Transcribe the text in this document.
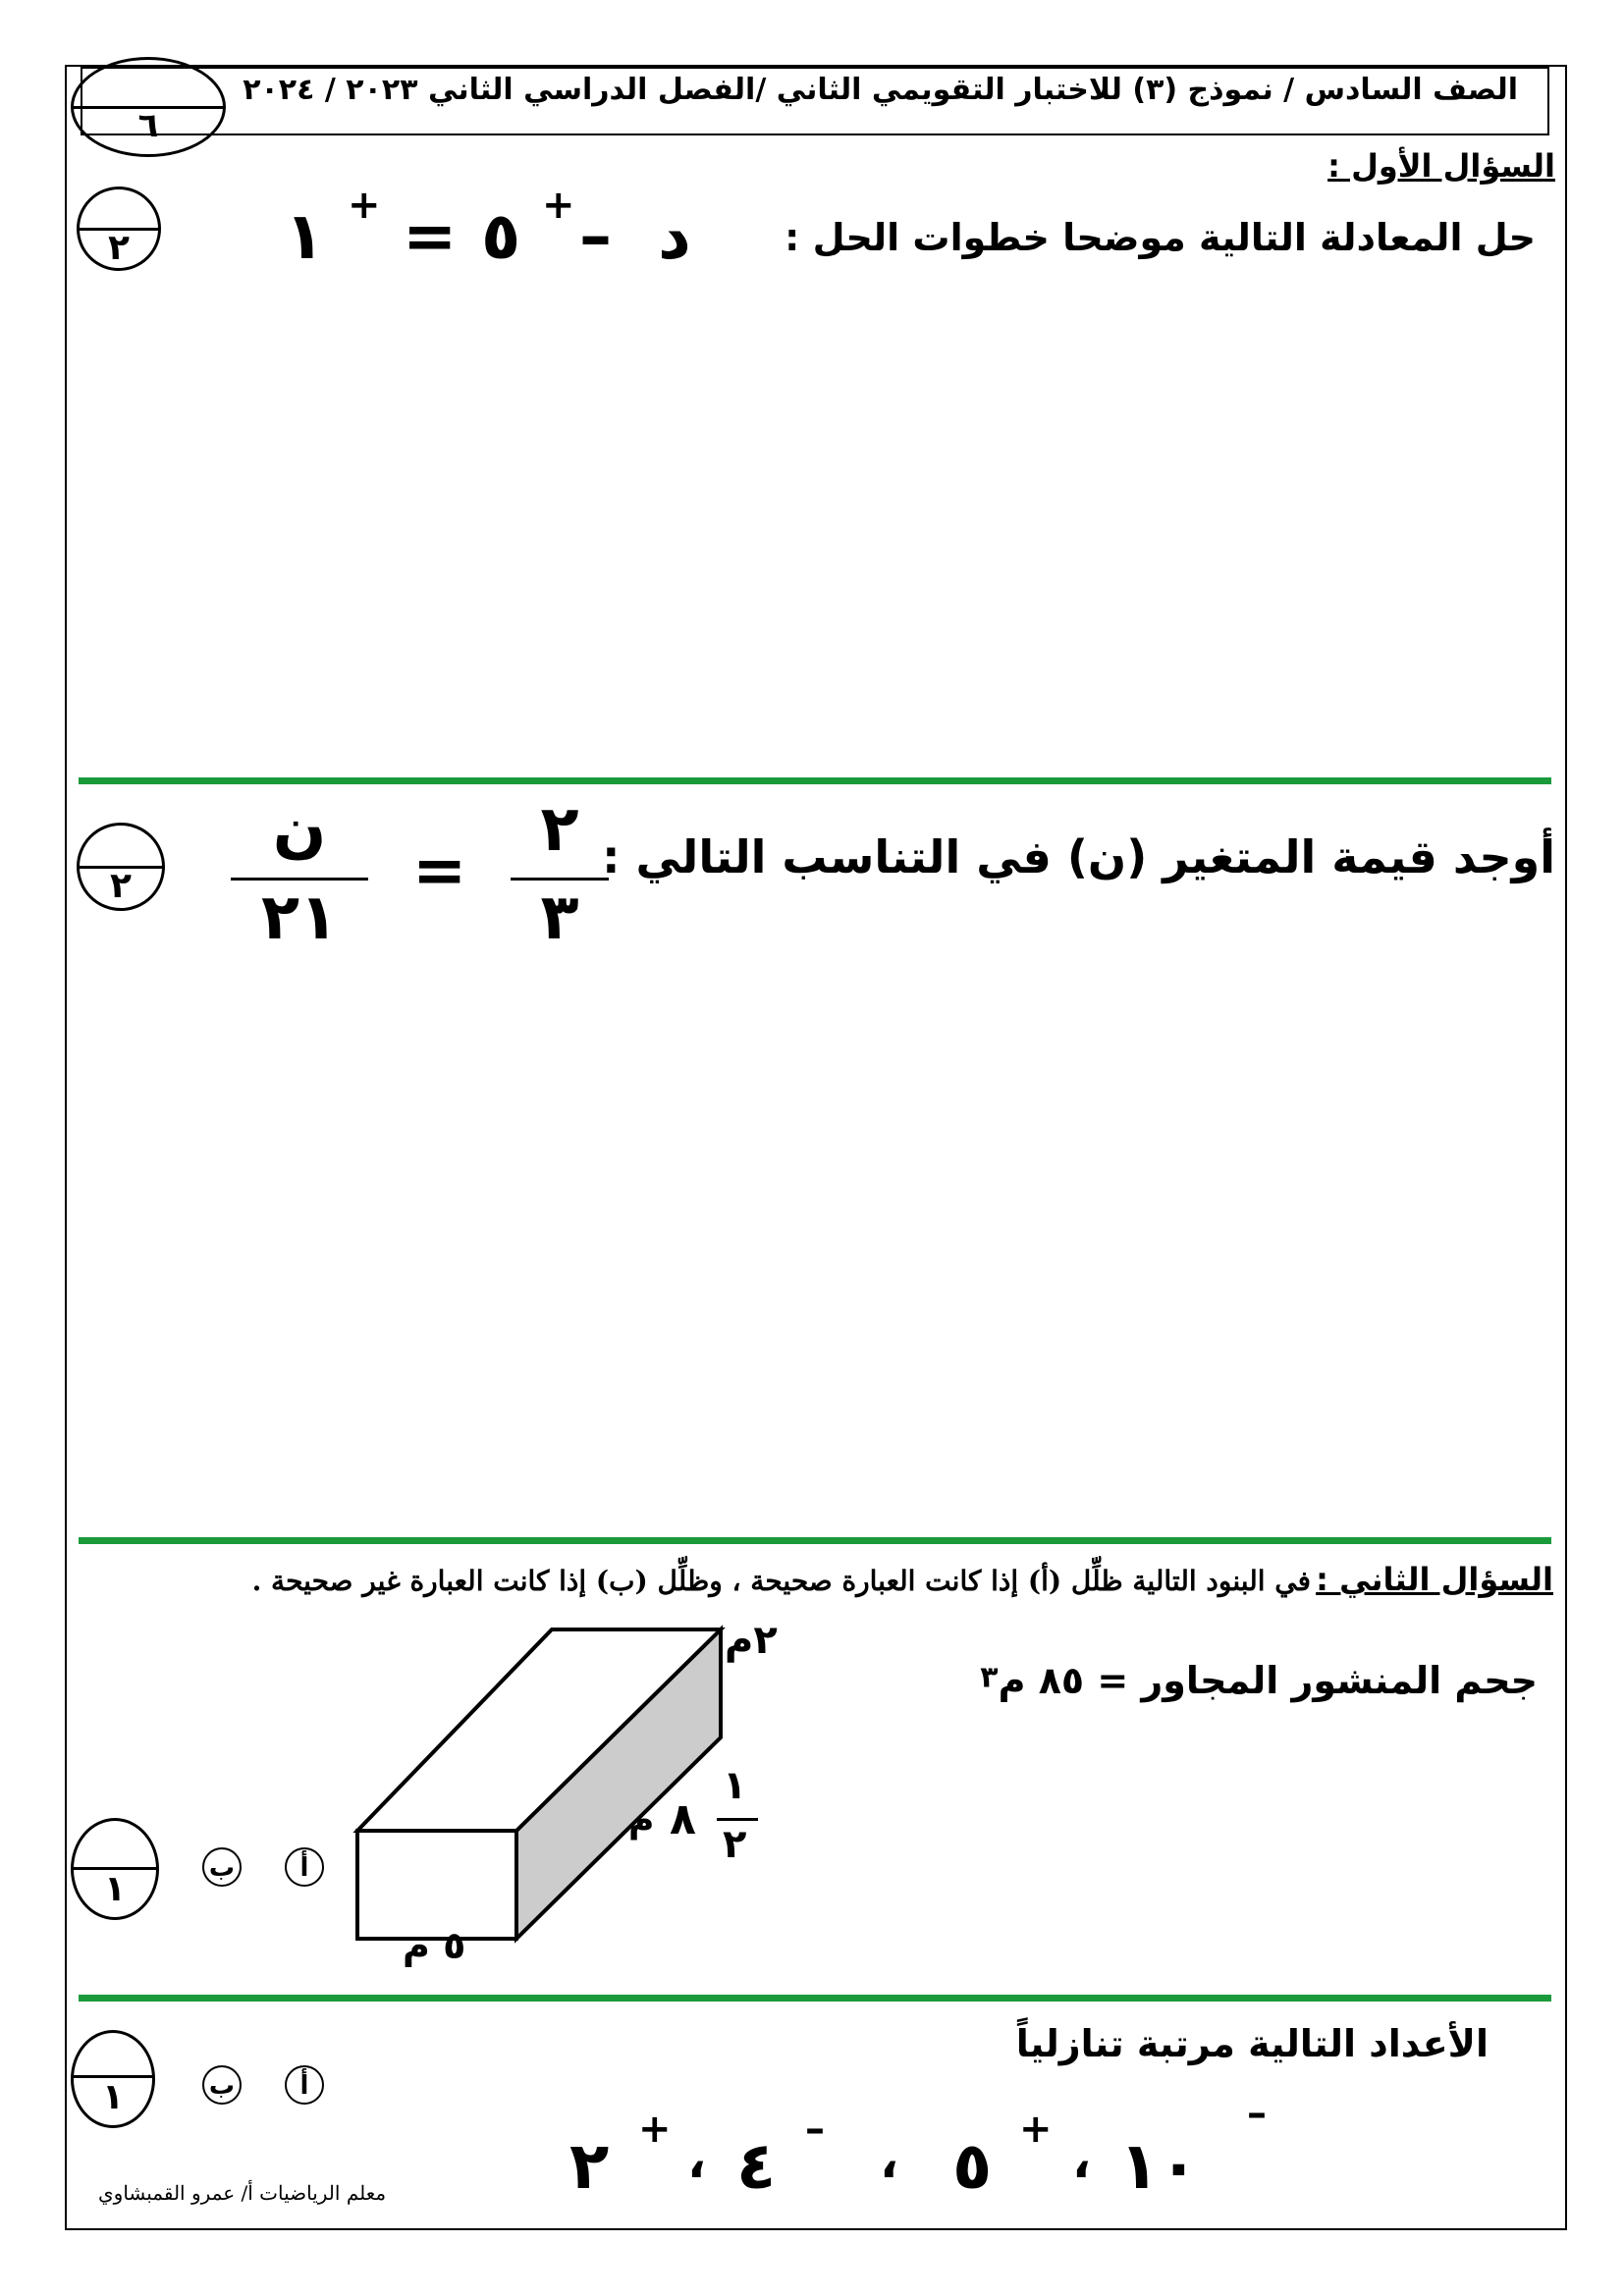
الصف السادس / نموذج (٣) للاختبار التقويمي الثاني /الفصل الدراسي الثاني ٢٠٢٣ / ٢٠٢٤
٦
السؤال الأول :
٢	١ + = ٥ + – د	حل المعادلة التالية موضحا خطوات الحل :
٢
ن
٢١
=
٢
٣
أوجد قيمة المتغير (ن) في التناسب التالي :
السؤال الثاني : في البنود التالية ظلِّل (أ) إذا كانت العبارة صحيحة ، وظلِّل (ب) إذا كانت العبارة غير صحيحة .
جحم المنشور المجاور = ٨٥ م$^٣$
٢م
م ٨
١
٢
٥ م
ب	أ
١
الأعداد التالية مرتبة تنازلياً
ب	أ
١
٢ +
، ٤ –
، ٥ +
، ١٠
–
معلم الرياضيات أ/ عمرو القمبشاوي
